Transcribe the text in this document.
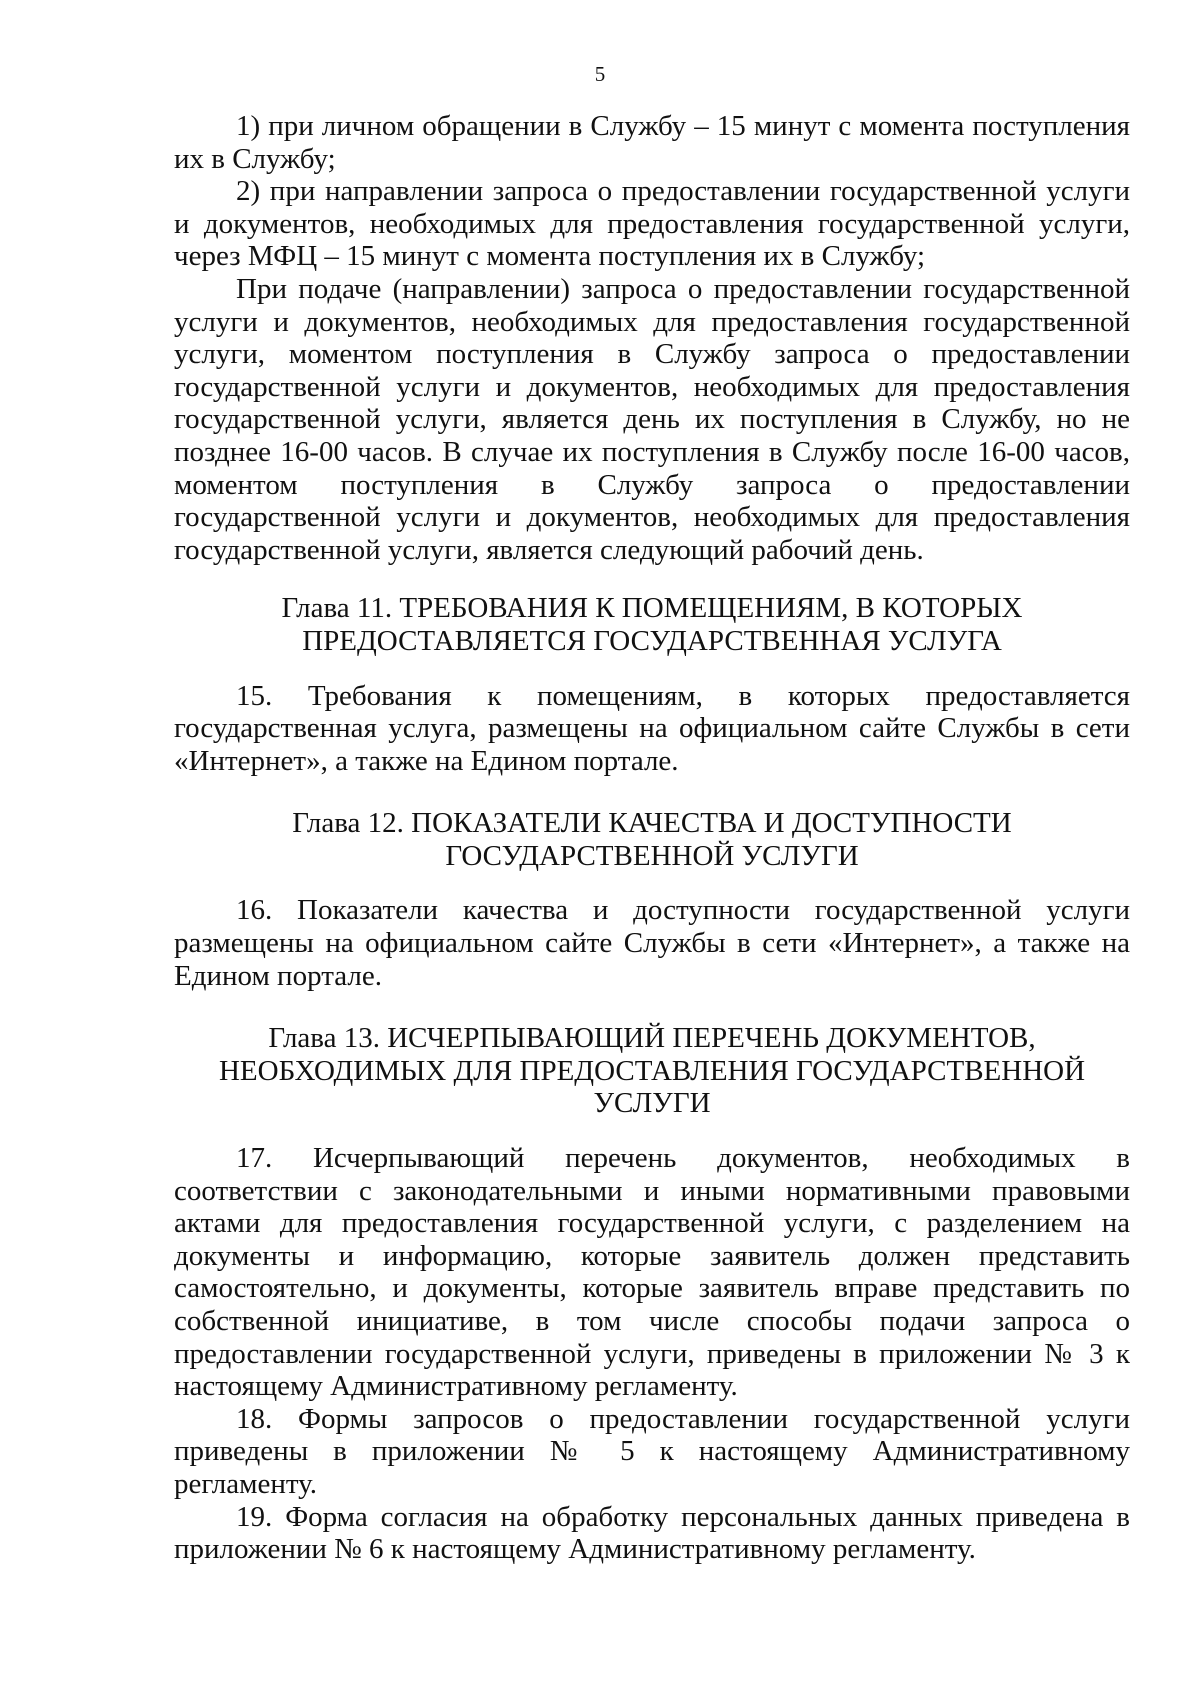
5

1) при личном обращении в Службу – 15 минут с момента поступления их в Службу;

2) при направлении запроса о предоставлении государственной услуги и документов, необходимых для предоставления государственной услуги, через МФЦ – 15 минут с момента поступления их в Службу;

При подаче (направлении) запроса о предоставлении государственной услуги и документов, необходимых для предоставления государственной услуги, моментом поступления в Службу запроса о предоставлении государственной услуги и документов, необходимых для предоставления государственной услуги, является день их поступления в Службу, но не позднее 16-00 часов. В случае их поступления в Службу после 16-00 часов, моментом поступления в Службу запроса о предоставлении государственной услуги и документов, необходимых для предоставления государственной услуги, является следующий рабочий день.

Глава 11. ТРЕБОВАНИЯ К ПОМЕЩЕНИЯМ, В КОТОРЫХ
ПРЕДОСТАВЛЯЕТСЯ ГОСУДАРСТВЕННАЯ УСЛУГА

15. Требования к помещениям, в которых предоставляется государственная услуга, размещены на официальном сайте Службы в сети «Интернет», а также на Едином портале.

Глава 12. ПОКАЗАТЕЛИ КАЧЕСТВА И ДОСТУПНОСТИ
ГОСУДАРСТВЕННОЙ УСЛУГИ

16. Показатели качества и доступности государственной услуги размещены на официальном сайте Службы в сети «Интернет», а также на Едином портале.

Глава 13. ИСЧЕРПЫВАЮЩИЙ ПЕРЕЧЕНЬ ДОКУМЕНТОВ,
НЕОБХОДИМЫХ ДЛЯ ПРЕДОСТАВЛЕНИЯ ГОСУДАРСТВЕННОЙ
УСЛУГИ

17. Исчерпывающий перечень документов, необходимых в соответствии с законодательными и иными нормативными правовыми актами для предоставления государственной услуги, с разделением на документы и информацию, которые заявитель должен представить самостоятельно, и документы, которые заявитель вправе представить по собственной инициативе, в том числе способы подачи запроса о предоставлении государственной услуги, приведены в приложении № 3 к настоящему Административному регламенту.

18. Формы запросов о предоставлении государственной услуги приведены в приложении № 5 к настоящему Административному регламенту.

19. Форма согласия на обработку персональных данных приведена в приложении № 6 к настоящему Административному регламенту.
